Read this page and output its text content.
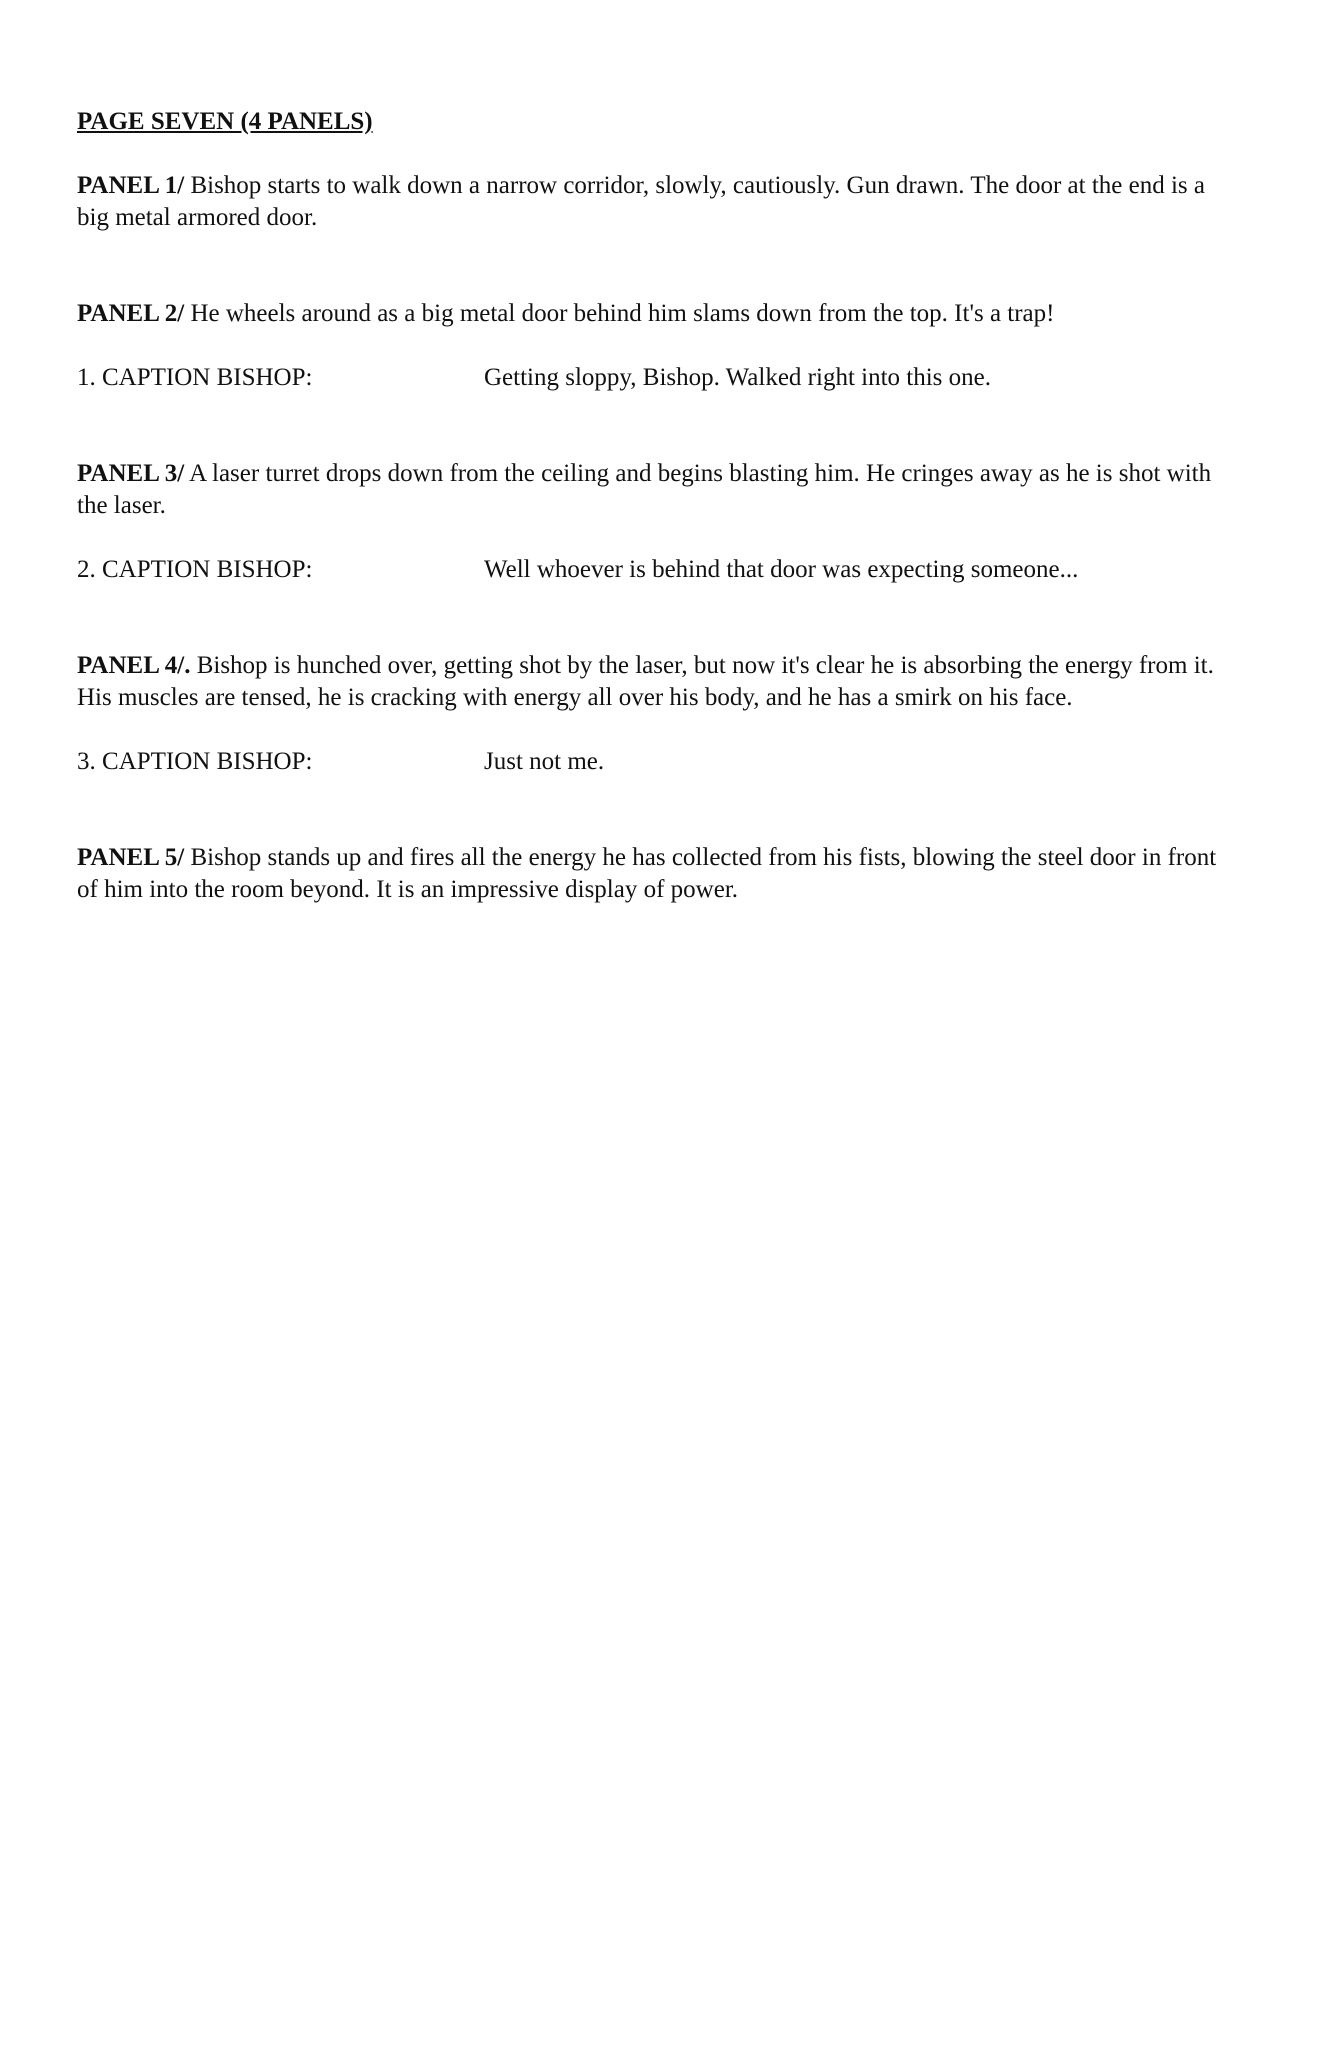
PAGE SEVEN (4 PANELS)

PANEL 1/ Bishop starts to walk down a narrow corridor, slowly, cautiously. Gun drawn. The door at the end is a big metal armored door.

PANEL 2/ He wheels around as a big metal door behind him slams down from the top. It's a trap!

1. CAPTION BISHOP:	Getting sloppy, Bishop. Walked right into this one.

PANEL 3/ A laser turret drops down from the ceiling and begins blasting him. He cringes away as he is shot with the laser.

2. CAPTION BISHOP:	Well whoever is behind that door was expecting someone...

PANEL 4/. Bishop is hunched over, getting shot by the laser, but now it's clear he is absorbing the energy from it. His muscles are tensed, he is cracking with energy all over his body, and he has a smirk on his face.

3. CAPTION BISHOP:	Just not me.

PANEL 5/ Bishop stands up and fires all the energy he has collected from his fists, blowing the steel door in front of him into the room beyond. It is an impressive display of power.
